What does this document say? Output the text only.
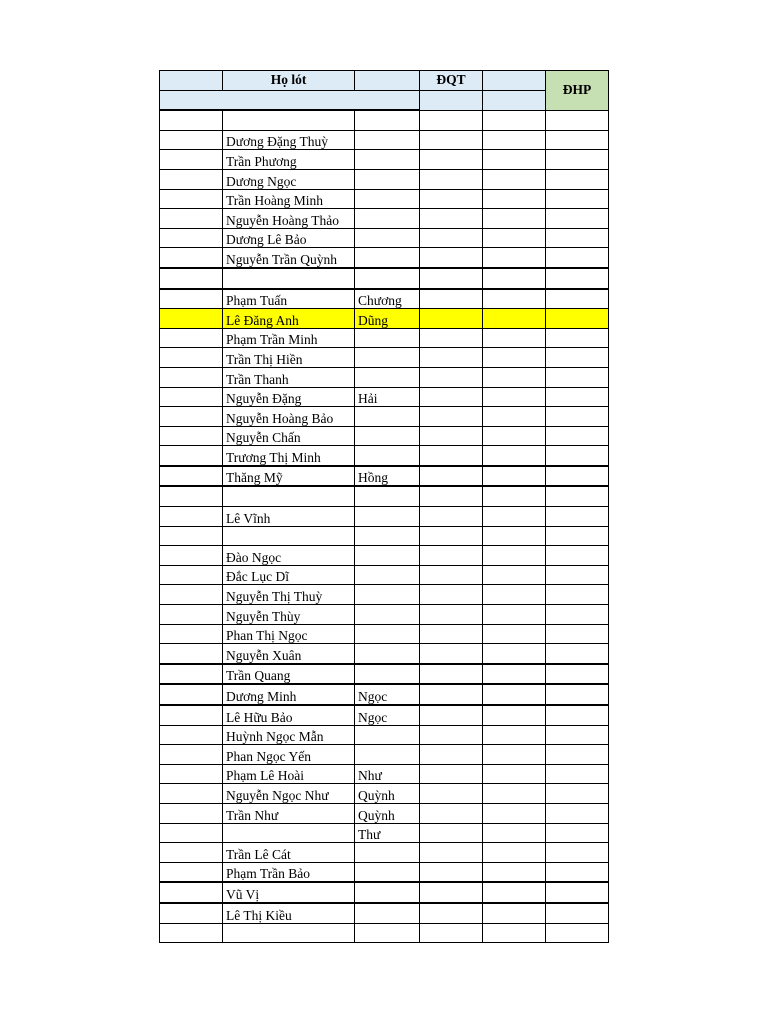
	Họ lót		ĐQT		ĐHP

	Dương Đặng Thuỳ				
	Trần Phương				
	Dương Ngọc				
	Trần Hoàng Minh				
	Nguyễn Hoàng Thảo				
	Dương Lê Bảo				
	Nguyễn Trần Quỳnh				

	Phạm Tuấn	Chương			
	Lê Đăng Anh	Dũng			
	Phạm Trần Minh				
	Trần Thị Hiền				
	Trần Thanh				
	Nguyễn Đặng	Hải			
	Nguyễn Hoàng Bảo				
	Nguyễn Chấn				
	Trương Thị Minh				
	Thăng Mỹ	Hồng			

	Lê Vĩnh				

	Đào Ngọc				
	Đắc Lục Dĩ				
	Nguyễn Thị Thuỳ				
	Nguyễn Thùy				
	Phan Thị Ngọc				
	Nguyễn Xuân				
	Trần Quang				
	Dương Minh	Ngọc			
	Lê Hữu Bảo	Ngọc			
	Huỳnh Ngọc Mẫn				
	Phan Ngọc Yến				
	Phạm Lê Hoài	Như			
	Nguyễn Ngọc Như	Quỳnh			
	Trần Như	Quỳnh			
		Thư			
	Trần Lê Cát				
	Phạm Trần Bảo				
	Vũ Vị				
	Lê Thị Kiều				
